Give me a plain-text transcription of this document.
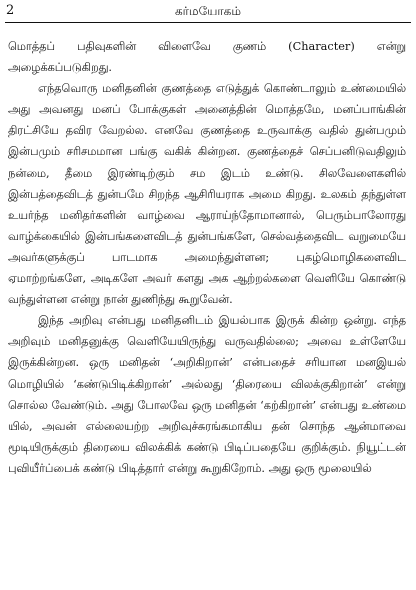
2	கர்மயோகம்

மொத்தப் பதிவுகளின் விளைவே குணம் (Character) என்று அழைக்கப்படுகிறது.

எந்தவொரு மனிதனின் குணத்தை எடுத்துக் கொண்டாலும் உண்மையில் அது அவனது மனப் போக்குகள் அனைத்தின் மொத்தமே, மனப்பாங்கின் திரட்சியே தவிர வேறல்ல. எனவே குணத்தை உருவாக்கு வதில் துன்பமும் இன்பமும் சரிசமமான பங்கு வகிக் கின்றன. குணத்தைச் செப்பனிடுவதிலும் நன்மை, தீமை இரண்டிற்கும் சம இடம் உண்டு. சிலவேளைகளில் இன்பத்தைவிடத் துன்பமே சிறந்த ஆசிரியராக அமை கிறது. உலகம் தந்துள்ள உயர்ந்த மனிதர்களின் வாழ்வை ஆராய்ந்தோமானால், பெரும்பாலோரது வாழ்க்கையில் இன்பங்களைவிடத் துன்பங்களே, செல்வத்தைவிட வறுமையே அவர்களுக்குப் பாடமாக அமைந்துள்ளன; புகழ்மொழிகளைவிட ஏமாற்றங்களே, அடிகளே அவர் களது அக ஆற்றல்களை வெளியே கொண்டு வந்துள்ளன என்று நான் துணிந்து கூறுவேன்.

இந்த அறிவு என்பது மனிதனிடம் இயல்பாக இருக் கின்ற ஒன்று. எந்த அறிவும் மனிதனுக்கு வெளியேயிருந்து வருவதில்லை; அவை உள்ளேயே இருக்கின்றன. ஒரு மனிதன் ‘அறிகிறான்’ என்பதைச் சரியான மனஇயல் மொழியில் ‘கண்டுபிடிக்கிறான்’ அல்லது ‘திரையை விலக்குகிறான்’ என்று சொல்ல வேண்டும். அது போலவே ஒரு மனிதன் ‘கற்கிறான்’ என்பது உண்மை யில், அவன் எல்லையற்ற அறிவுச்சுரங்கமாகிய தன் சொந்த ஆன்மாவை மூடியிருக்கும் திரையை விலக்கிக் கண்டு பிடிப்பதையே குறிக்கும். நியூட்டன் புவியீர்ப்பைக் கண்டு பிடித்தார் என்று கூறுகிறோம். அது ஒரு மூலையில்
